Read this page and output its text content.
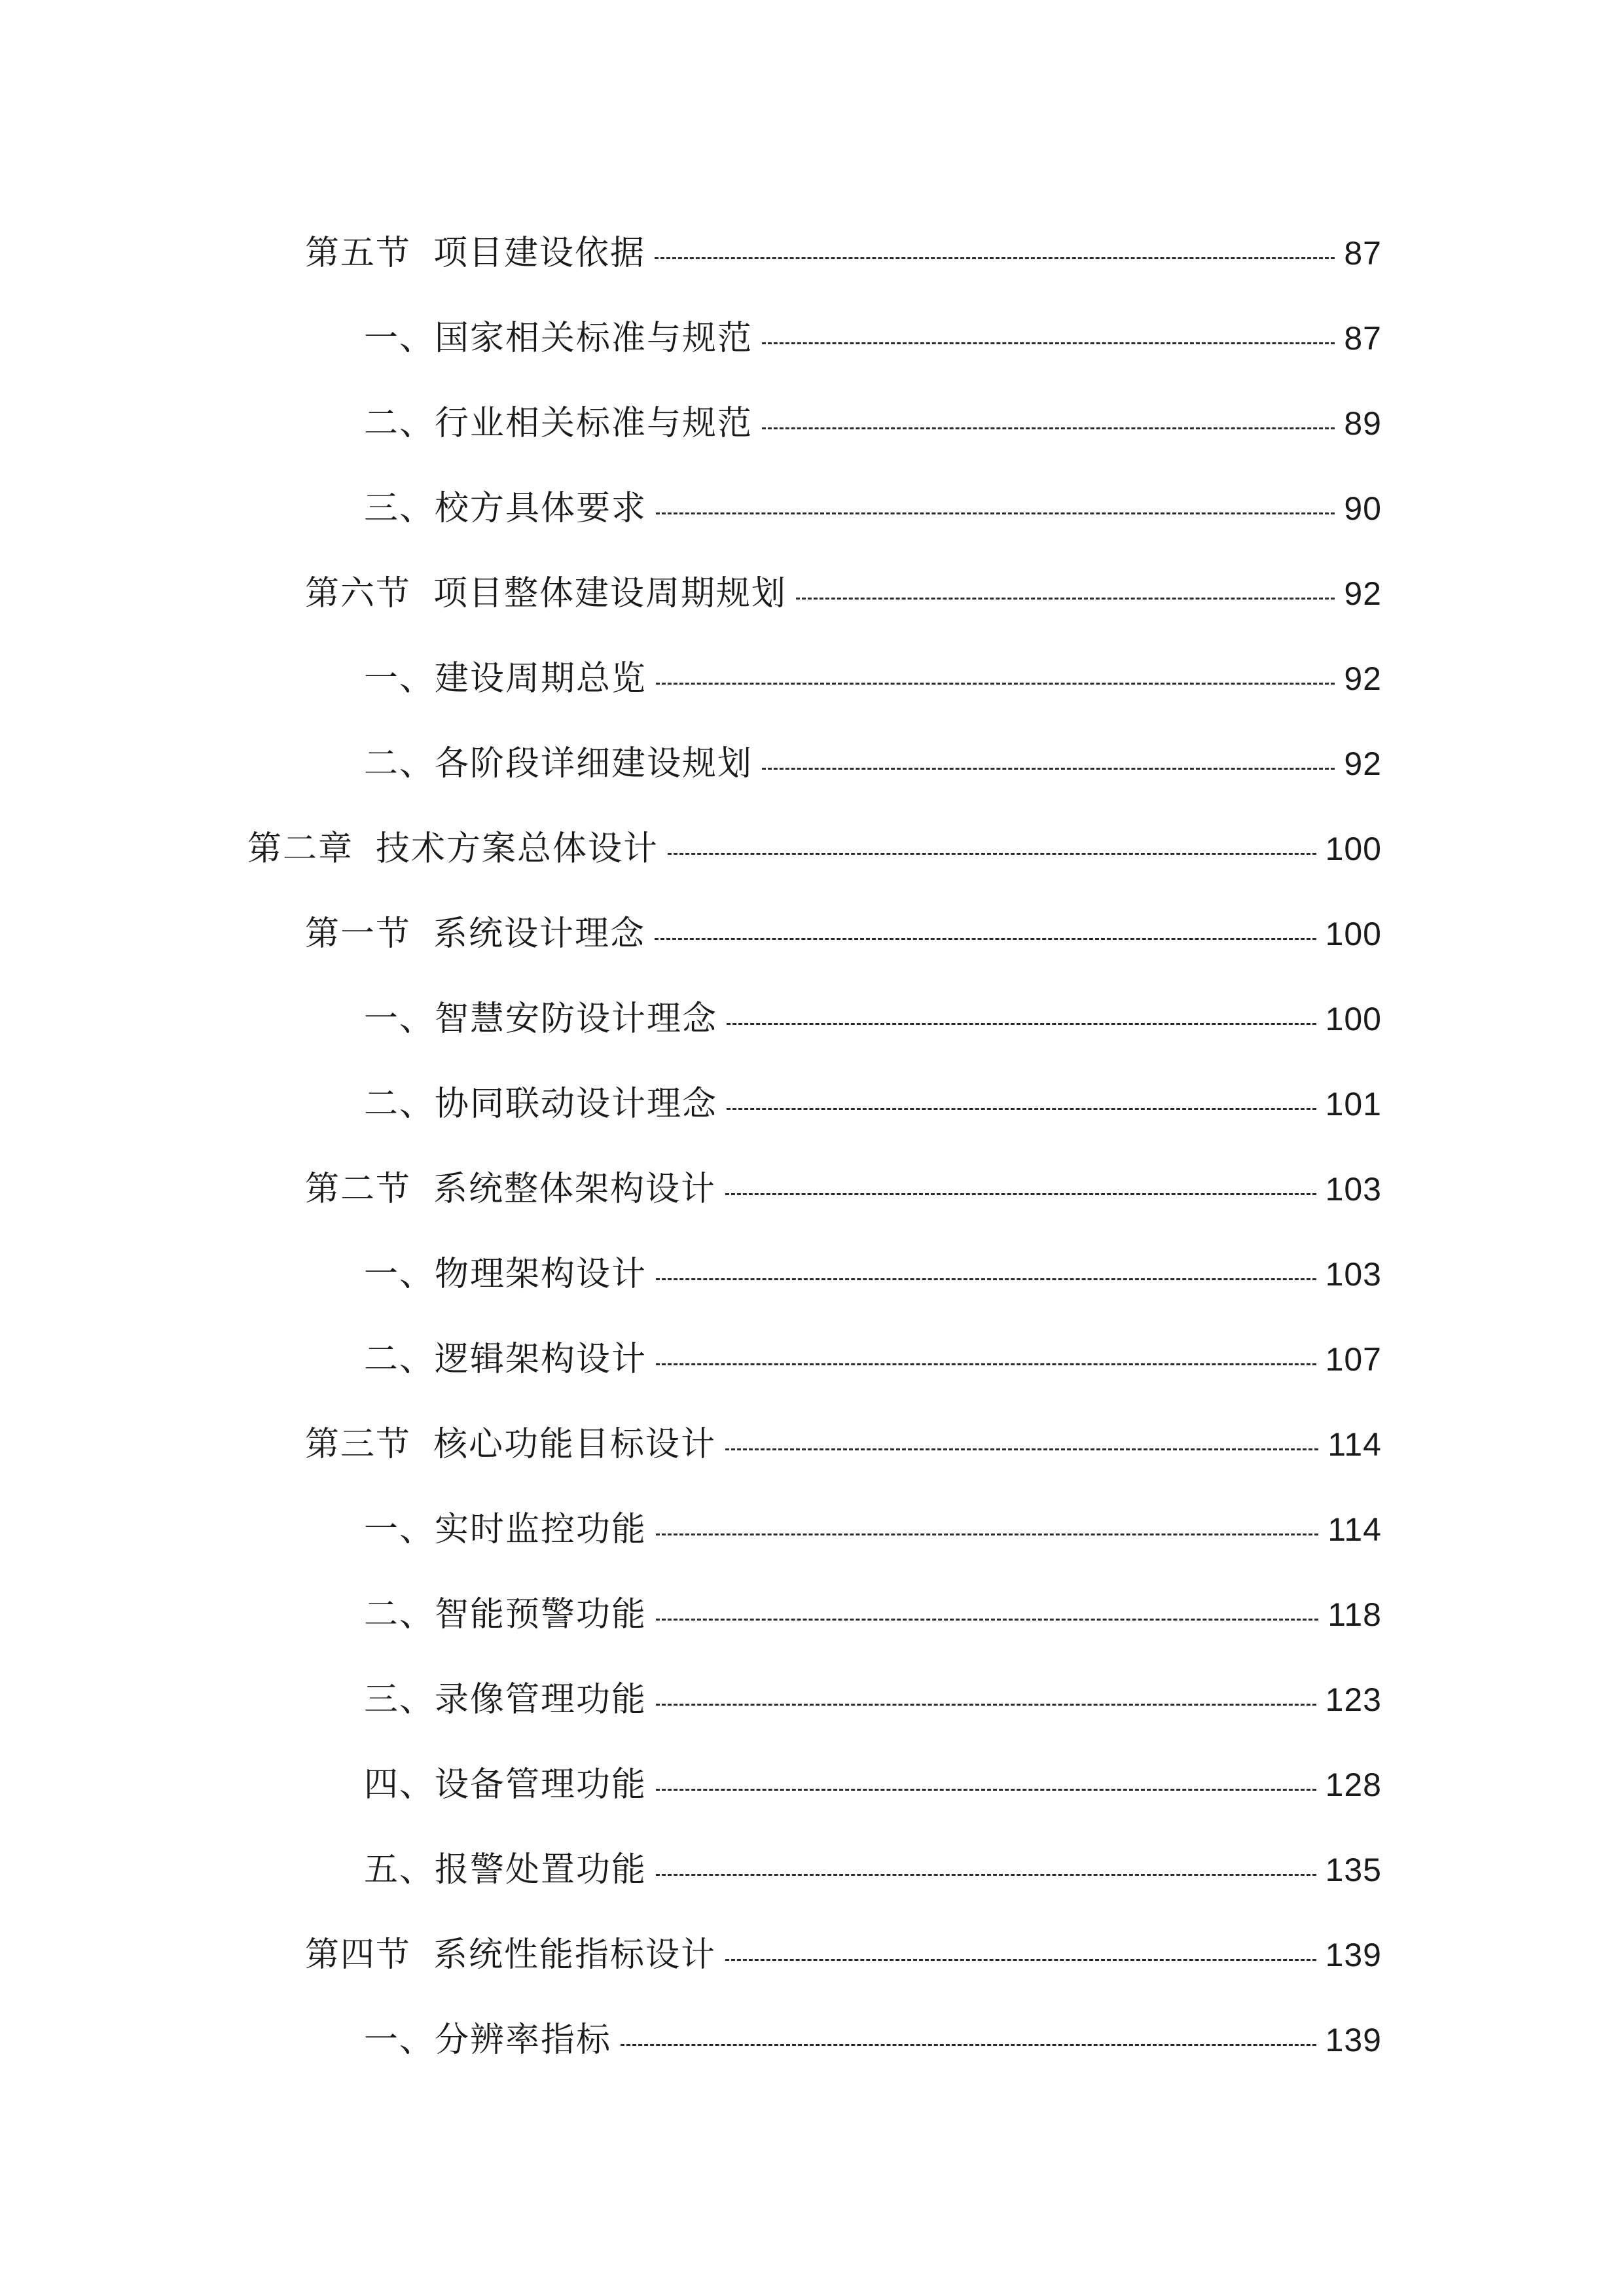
第五节 项目建设依据	87
一、国家相关标准与规范	87
二、行业相关标准与规范	89
三、校方具体要求	90
第六节 项目整体建设周期规划	92
一、建设周期总览	92
二、各阶段详细建设规划	92
第二章 技术方案总体设计	100
第一节 系统设计理念	100
一、智慧安防设计理念	100
二、协同联动设计理念	101
第二节 系统整体架构设计	103
一、物理架构设计	103
二、逻辑架构设计	107
第三节 核心功能目标设计	114
一、实时监控功能	114
二、智能预警功能	118
三、录像管理功能	123
四、设备管理功能	128
五、报警处置功能	135
第四节 系统性能指标设计	139
一、分辨率指标	139
